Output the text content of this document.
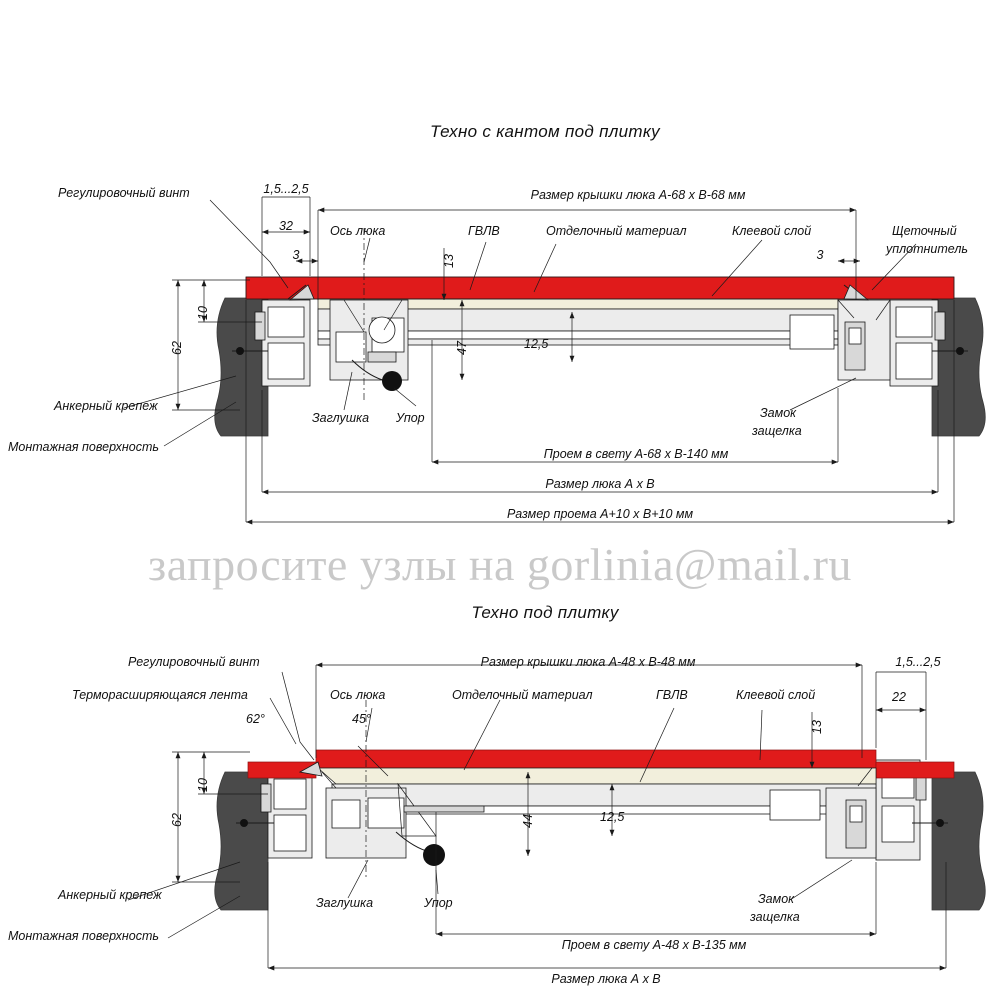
Техно с кантом под плитку
Регулировочный винт	1,5...2,5	Размер крышки люка А-68 х В-68 мм
32	Ось люка
3
ГВЛВ
13
Отделочный материал	Клеевой слой
3
Щеточный
уплотнитель
62
10
47	12,5
Анкерный крепеж
Монтажная поверхность
Заглушка Упор	Замок
защелка
Проем в свету А-68 х В-140 мм
Размер люка А х В
Размер проема А+10 х В+10 мм
запросите узлы на gorlinia@mail.ru
Техно под плитку
Регулировочный винт
Терморасширяющаяся лента
62°
Ось люка
45°
Размер крышки люка А-48 х В-48 мм
Отделочный материал	ГВЛВ	Клеевой слой
1,5...2,5
22
13
62
10
44	12,5
Анкерный крепеж
Монтажная поверхность
Заглушка	Упор	Замок
защелка
Проем в свету А-48 х В-135 мм
Размер люка А х В
